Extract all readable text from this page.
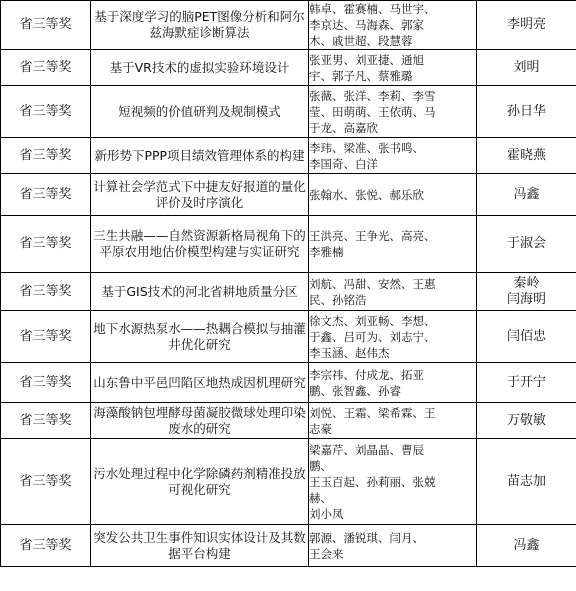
省三等奖	基于深度学习的脑PET图像分析和阿尔兹海默症诊断算法	韩卓、霍赛楠、马世宇、
李京达、马海森、郭家
木、戚世超、段慧蓉	李明亮

省三等奖	基于VR技术的虚拟实验环境设计	张亚男、刘亚捷、通旭
宇、郭子凡、蔡雅璐	刘明

省三等奖	短视频的价值研判及规制模式	张薇、张洋、李莉、李雪
莹、田萌萌、王依萌、马
于龙、高嘉欣	孙日华

省三等奖	新形势下PPP项目绩效管理体系的构建	李玮、梁准、张书鸣、
李国奇、白洋	霍晓燕

省三等奖	计算社会学范式下中捷友好报道的量化评价及时序演化	张翰水、张悦、郝乐欣	冯鑫

省三等奖	三生共融——自然资源新格局视角下的平原农用地估价模型构建与实证研究	王洪亮、王争光、高亮、
李雅楠	于淑会

省三等奖	基于GIS技术的河北省耕地质量分区	刘航、冯甜、安然、王惠
民、孙铭浩	秦岭
闫海明

省三等奖	地下水源热泵水——热耦合模拟与抽灌井优化研究	徐文杰、刘亚畅、李想、
于鑫、吕可为、刘志宁、
李玉涵、赵伟杰	闫佰忠

省三等奖	山东鲁中平邑凹陷区地热成因机理研究	李宗祎、付成龙、拓亚
鹏、张智鑫、孙睿	于开宁

省三等奖	海藻酸钠包埋酵母菌凝胶微球处理印染废水的研究	刘悦、王霜、梁希霖、王
志豪	万敬敏

省三等奖	污水处理过程中化学除磷药剂精准投放可视化研究	梁嘉芹、刘晶晶、曹辰
鹏、
王玉百起、孙莉丽、张兢
赫、
刘小凤	苗志加

省三等奖	突发公共卫生事件知识实体设计及其数据平台构建	郭源、潘锐琪、闫月、
王会来	冯鑫
